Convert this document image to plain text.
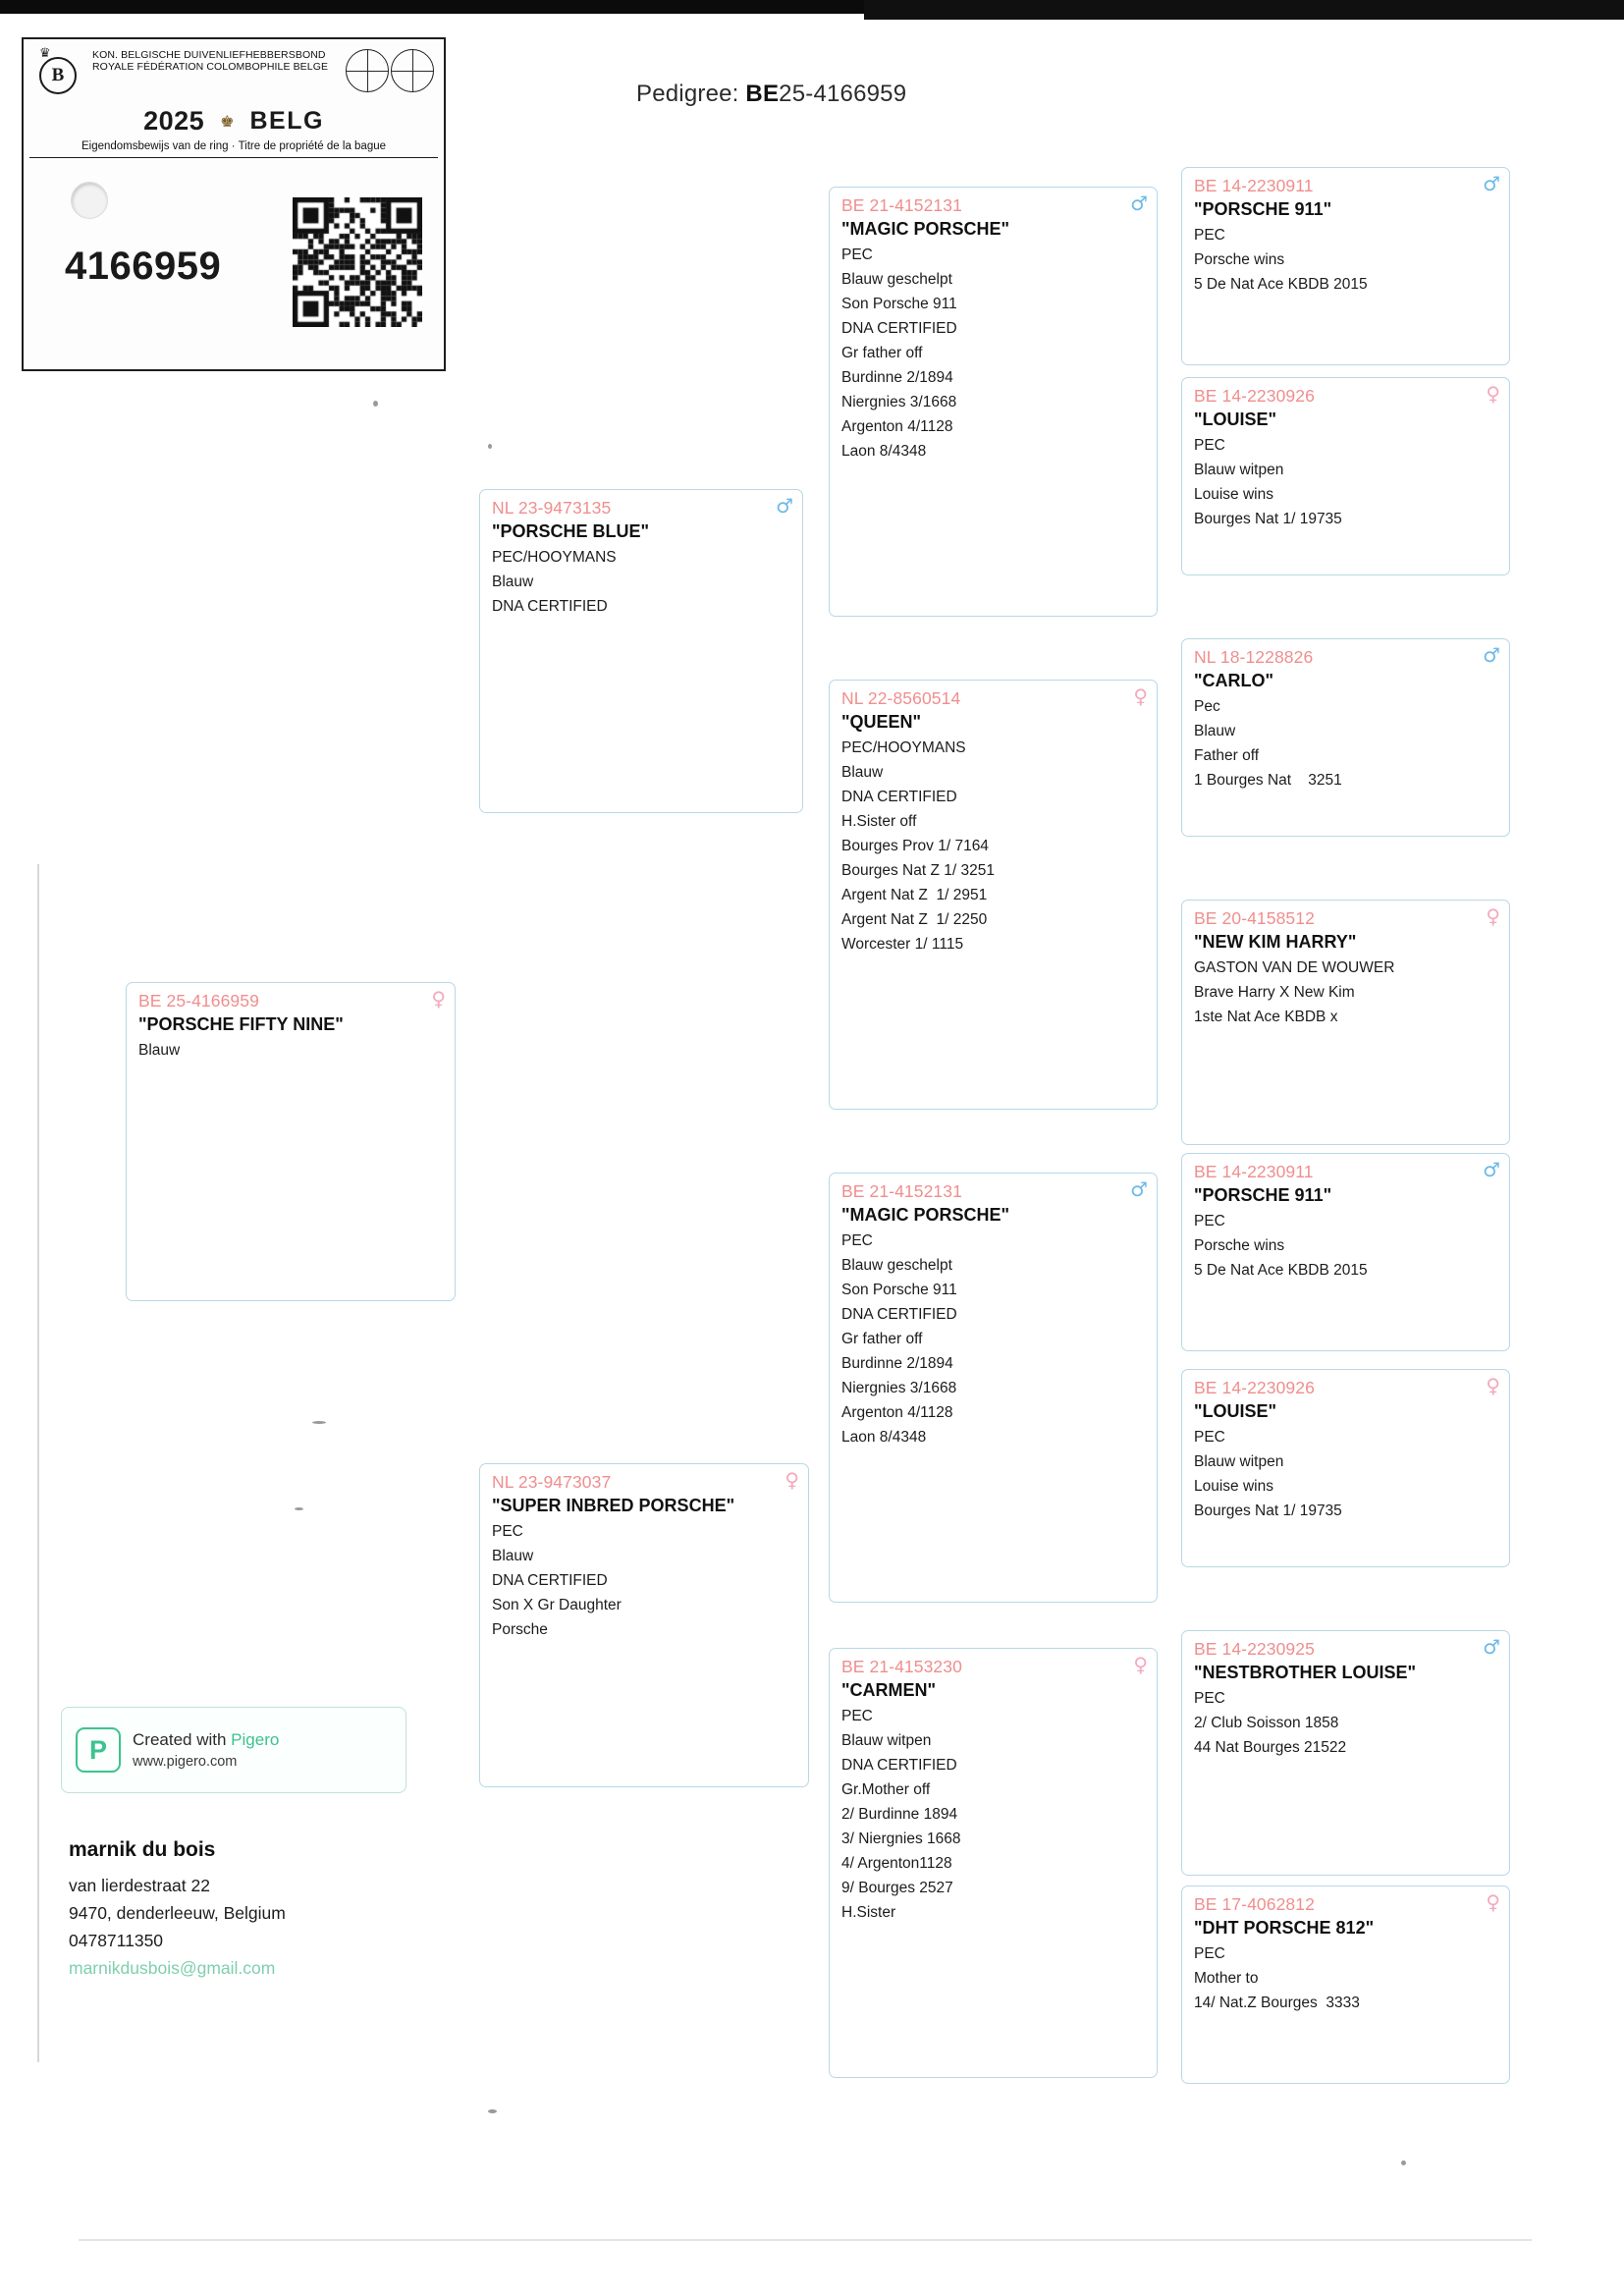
♛
B
KON. BELGISCHE DUIVENLIEFHEBBERSBOND
ROYALE FÉDÉRATION COLOMBOPHILE BELGE
2025 ♚ BELG
Eigendomsbewijs van de ring · Titre de propriété de la bague
4166959
Pedigree: BE25-4166959
P	Created with Pigero
www.pigero.com
marnik du bois
van lierdestraat 22
9470, denderleeuw, Belgium
0478711350
marnikdusbois@gmail.com
♀
BE 25-4166959
"PORSCHE FIFTY NINE"
Blauw
♂
NL 23-9473135
"PORSCHE BLUE"
PEC/HOOYMANS
Blauw
DNA CERTIFIED
♀
NL 23-9473037
"SUPER INBRED PORSCHE"
PEC
Blauw
DNA CERTIFIED
Son X Gr Daughter
Porsche
♂
BE 21-4152131
"MAGIC PORSCHE"
PEC
Blauw geschelpt
Son Porsche 911
DNA CERTIFIED
Gr father off
Burdinne 2/1894
Niergnies 3/1668
Argenton 4/1128
Laon 8/4348
♀
NL 22-8560514
"QUEEN"
PEC/HOOYMANS
Blauw
DNA CERTIFIED
H.Sister off
Bourges Prov 1/ 7164
Bourges Nat Z 1/ 3251
Argent Nat Z  1/ 2951
Argent Nat Z  1/ 2250
Worcester 1/ 1115
♂
BE 21-4152131
"MAGIC PORSCHE"
PEC
Blauw geschelpt
Son Porsche 911
DNA CERTIFIED
Gr father off
Burdinne 2/1894
Niergnies 3/1668
Argenton 4/1128
Laon 8/4348
♀
BE 21-4153230
"CARMEN"
PEC
Blauw witpen
DNA CERTIFIED
Gr.Mother off
2/ Burdinne 1894
3/ Niergnies 1668
4/ Argenton1128
9/ Bourges 2527
H.Sister
♂
BE 14-2230911
"PORSCHE 911"
PEC
Porsche wins
5 De Nat Ace KBDB 2015
♀
BE 14-2230926
"LOUISE"
PEC
Blauw witpen
Louise wins
Bourges Nat 1/ 19735
♂
NL 18-1228826
"CARLO"
Pec
Blauw
Father off
1 Bourges Nat    3251
♀
BE 20-4158512
"NEW KIM HARRY"
GASTON VAN DE WOUWER
Brave Harry X New Kim
1ste Nat Ace KBDB x
♂
BE 14-2230911
"PORSCHE 911"
PEC
Porsche wins
5 De Nat Ace KBDB 2015
♀
BE 14-2230926
"LOUISE"
PEC
Blauw witpen
Louise wins
Bourges Nat 1/ 19735
♂
BE 14-2230925
"NESTBROTHER LOUISE"
PEC
2/ Club Soisson 1858
44 Nat Bourges 21522
♀
BE 17-4062812
"DHT PORSCHE 812"
PEC
Mother to
14/ Nat.Z Bourges  3333
